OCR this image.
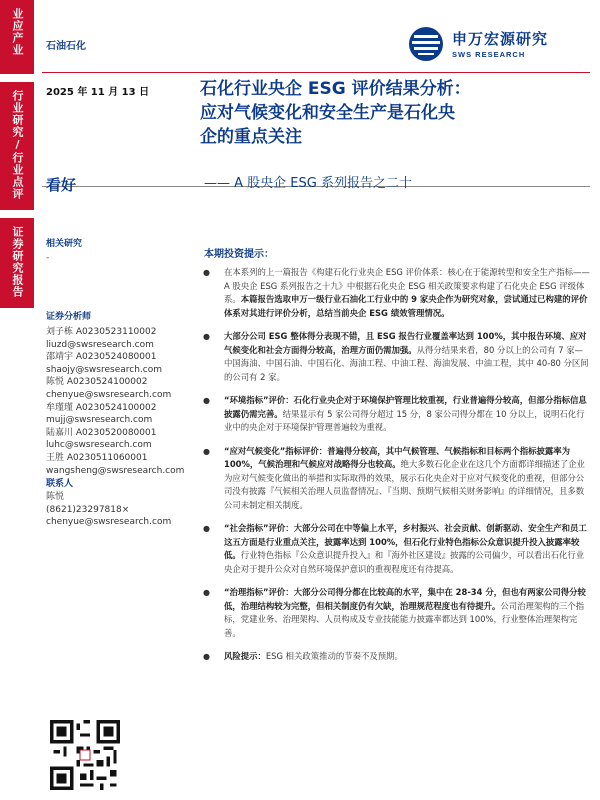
业应产业
行业研究/行业点评
证券研究报告
石油石化	申万宏源研究
SWS RESEARCH
2025 年 11 月 13 日
看好
石化行业央企 ESG 评价结果分析：
应对气候变化和安全生产是石化央
企的重点关注
—— A 股央企 ESG 系列报告之二十
相关研究
-
证券分析师
刘子栋 A0230523110002
liuzd@swsresearch.com
邵靖宇 A0230524080001
shaojy@swsresearch.com
陈悦 A0230524100002
chenyue@swsresearch.com
牟瑾瑾 A0230524100002
mujj@swsresearch.com
陆嘉川 A0230520080001
luhc@swsresearch.com
王胜 A0230511060001
wangsheng@swsresearch.com
联系人
陈悦
(8621)23297818×
chenyue@swsresearch.com
本期投资提示：
● 在本系列的上一篇报告《构建石化行业央企 ESG 评价体系：核心在于能源转型和安全生产指标——A 股央企 ESG 系列报告之十九》中根据石化央企 ESG 相关政策要求构建了石化央企 ESG 评级体系。本篇报告选取申万一级行业石油化工行业中的 9 家央企作为研究对象，尝试通过已构建的评价体系对其进行评价分析，总结当前央企 ESG 绩效管理情况。
● 大部分公司 ESG 整体得分表现不错，且 ESG 报告行业覆盖率达到 100%，其中报告环境、应对气候变化和社会方面得分较高，治理方面仍需加强。从得分结果来看，80 分以上的公司有 7 家—中国海油、中国石油、中国石化、海油工程、中油工程、海油发展、中油工程，其中 40-80 分区间的公司有 2 家。
● “环境指标”评价：石化行业央企对于环境保护管理比较重视，行业普遍得分较高，但部分指标信息披露仍需完善。结果显示有 5 家公司得分超过 15 分，8 家公司得分都在 10 分以上，说明石化行业中的央企对于环境保护管理普遍较为重视。
● “应对气候变化”指标评价：普遍得分较高，其中气候管理、气候指标和目标两个指标披露率为 100%，气候治理和气候应对战略得分也较高。绝大多数石化企业在这几个方面都详细描述了企业为应对气候变化做出的举措和实际取得的效果，展示石化央企对于应对气候变化的重视，但部分公司没有披露『气候相关治理人员监督情况』、『当期、预期气候相关财务影响』的详细情况，且多数公司未制定相关制度。
● “社会指标”评价：大部分公司在中等偏上水平，乡村振兴、社会贡献、创新驱动、安全生产和员工这五方面是行业重点关注，披露率达到 100%，但石化行业特色指标公众意识提升投入披露率较低。行业特色指标『公众意识提升投入』和『海外社区建设』披露的公司偏少，可以看出石化行业央企对于提升公众对自然环境保护意识的重视程度还有待提高。
● “治理指标”评价：大部分公司得分都在比较高的水平，集中在 28-34 分，但也有两家公司得分较低，治理结构较为完整，但相关制度仍有欠缺，治理规范程度也有待提升。公司治理架构的三个指标，党建业务、治理架构、人员构成及专业技能能力披露率都达到 100%，行业整体治理架构完善。
● 风险提示：ESG 相关政策推动的节奏不及预期。
